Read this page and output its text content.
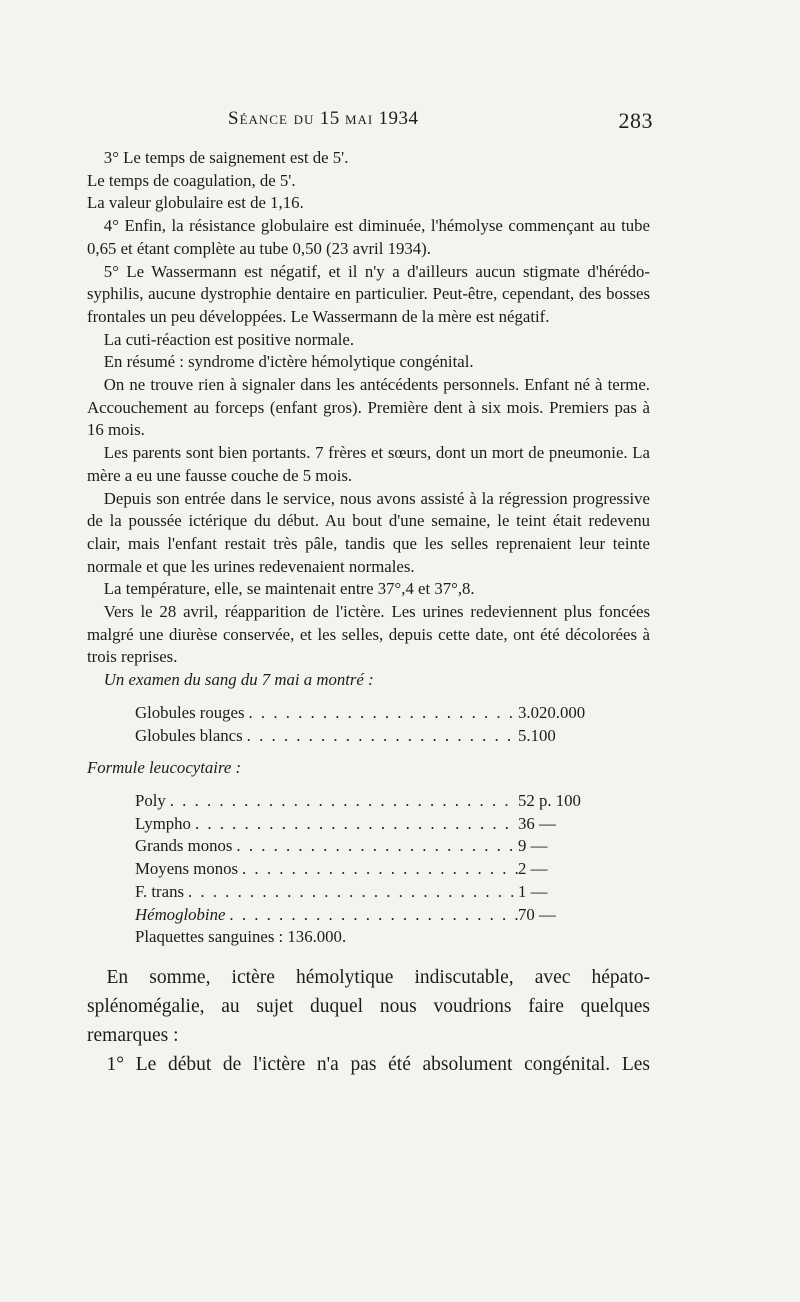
Séance du 15 mai 1934	283

3° Le temps de saignement est de 5'.

Le temps de coagulation, de 5'.

La valeur globulaire est de 1,16.

4° Enfin, la résistance globulaire est diminuée, l'hémolyse commençant au tube 0,65 et étant complète au tube 0,50 (23 avril 1934).

5° Le Wassermann est négatif, et il n'y a d'ailleurs aucun stigmate d'hérédo-syphilis, aucune dystrophie dentaire en particulier. Peut-être, cependant, des bosses frontales un peu développées. Le Wassermann de la mère est négatif.

La cuti-réaction est positive normale.

En résumé : syndrome d'ictère hémolytique congénital.

On ne trouve rien à signaler dans les antécédents personnels. Enfant né à terme. Accouchement au forceps (enfant gros). Première dent à six mois. Premiers pas à 16 mois.

Les parents sont bien portants. 7 frères et sœurs, dont un mort de pneumonie. La mère a eu une fausse couche de 5 mois.

Depuis son entrée dans le service, nous avons assisté à la régression progressive de la poussée ictérique du début. Au bout d'une semaine, le teint était redevenu clair, mais l'enfant restait très pâle, tandis que les selles reprenaient leur teinte normale et que les urines redevenaient normales.

La température, elle, se maintenait entre 37°,4 et 37°,8.

Vers le 28 avril, réapparition de l'ictère. Les urines redeviennent plus foncées malgré une diurèse conservée, et les selles, depuis cette date, ont été décolorées à trois reprises.

Un examen du sang du 7 mai a montré :

Globules rouges . . .	3.020.000
Globules blancs . . .	5.100

Formule leucocytaire :

Poly . . .	52 p. 100
Lympho . . .	36 —
Grands monos . . .	9 —
Moyens monos . . .	2 —
F. trans . . .	1 —
Hémoglobine . . .	70 —
Plaquettes sanguines : 136.000.

En somme, ictère hémolytique indiscutable, avec hépato-splénomégalie, au sujet duquel nous voudrions faire quelques remarques :

1° Le début de l'ictère n'a pas été absolument congénital. Les
